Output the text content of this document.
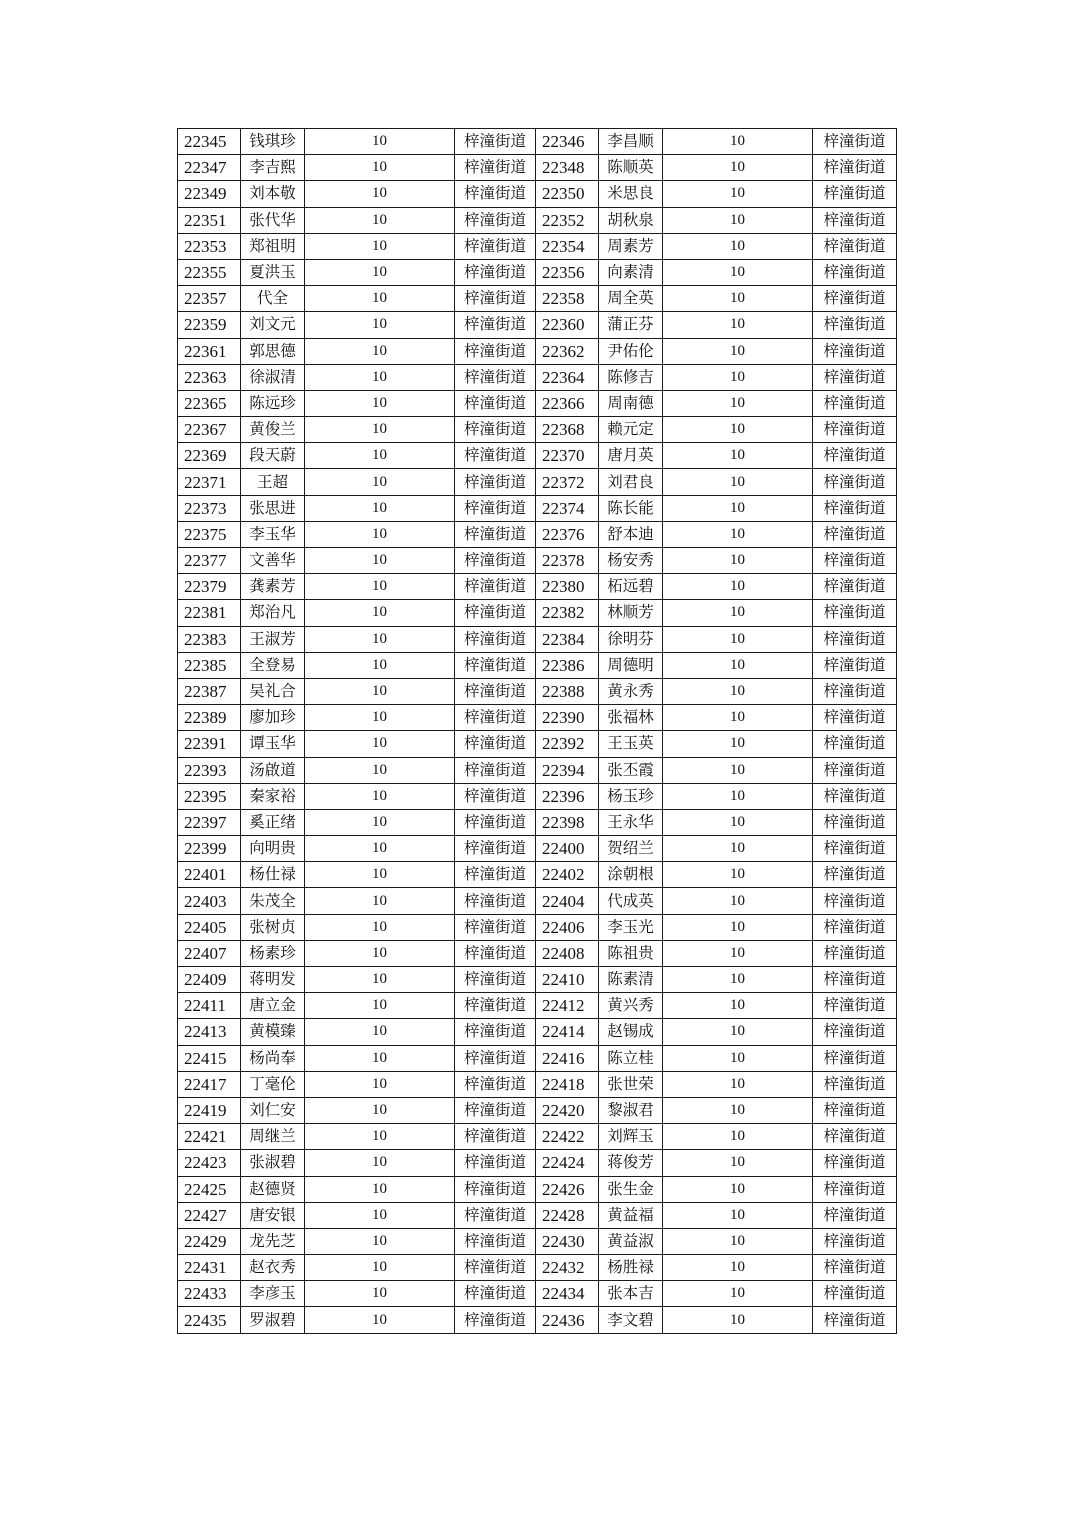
22345	钱琪珍	10	梓潼街道	22346	李昌顺	10	梓潼街道
22347	李吉熙	10	梓潼街道	22348	陈顺英	10	梓潼街道
22349	刘本敬	10	梓潼街道	22350	米思良	10	梓潼街道
22351	张代华	10	梓潼街道	22352	胡秋泉	10	梓潼街道
22353	郑祖明	10	梓潼街道	22354	周素芳	10	梓潼街道
22355	夏洪玉	10	梓潼街道	22356	向素清	10	梓潼街道
22357	代全	10	梓潼街道	22358	周全英	10	梓潼街道
22359	刘文元	10	梓潼街道	22360	蒲正芬	10	梓潼街道
22361	郭思德	10	梓潼街道	22362	尹佑伦	10	梓潼街道
22363	徐淑清	10	梓潼街道	22364	陈修吉	10	梓潼街道
22365	陈远珍	10	梓潼街道	22366	周南德	10	梓潼街道
22367	黄俊兰	10	梓潼街道	22368	赖元定	10	梓潼街道
22369	段天蔚	10	梓潼街道	22370	唐月英	10	梓潼街道
22371	王超	10	梓潼街道	22372	刘君良	10	梓潼街道
22373	张思进	10	梓潼街道	22374	陈长能	10	梓潼街道
22375	李玉华	10	梓潼街道	22376	舒本迪	10	梓潼街道
22377	文善华	10	梓潼街道	22378	杨安秀	10	梓潼街道
22379	龚素芳	10	梓潼街道	22380	柘远碧	10	梓潼街道
22381	郑治凡	10	梓潼街道	22382	林顺芳	10	梓潼街道
22383	王淑芳	10	梓潼街道	22384	徐明芬	10	梓潼街道
22385	全登易	10	梓潼街道	22386	周德明	10	梓潼街道
22387	吴礼合	10	梓潼街道	22388	黄永秀	10	梓潼街道
22389	廖加珍	10	梓潼街道	22390	张福林	10	梓潼街道
22391	谭玉华	10	梓潼街道	22392	王玉英	10	梓潼街道
22393	汤啟道	10	梓潼街道	22394	张丕霞	10	梓潼街道
22395	秦家裕	10	梓潼街道	22396	杨玉珍	10	梓潼街道
22397	奚正绪	10	梓潼街道	22398	王永华	10	梓潼街道
22399	向明贵	10	梓潼街道	22400	贺绍兰	10	梓潼街道
22401	杨仕禄	10	梓潼街道	22402	涂朝根	10	梓潼街道
22403	朱茂全	10	梓潼街道	22404	代成英	10	梓潼街道
22405	张树贞	10	梓潼街道	22406	李玉光	10	梓潼街道
22407	杨素珍	10	梓潼街道	22408	陈祖贵	10	梓潼街道
22409	蒋明发	10	梓潼街道	22410	陈素清	10	梓潼街道
22411	唐立金	10	梓潼街道	22412	黄兴秀	10	梓潼街道
22413	黄模臻	10	梓潼街道	22414	赵锡成	10	梓潼街道
22415	杨尚奉	10	梓潼街道	22416	陈立桂	10	梓潼街道
22417	丁毫伦	10	梓潼街道	22418	张世荣	10	梓潼街道
22419	刘仁安	10	梓潼街道	22420	黎淑君	10	梓潼街道
22421	周继兰	10	梓潼街道	22422	刘辉玉	10	梓潼街道
22423	张淑碧	10	梓潼街道	22424	蒋俊芳	10	梓潼街道
22425	赵德贤	10	梓潼街道	22426	张生金	10	梓潼街道
22427	唐安银	10	梓潼街道	22428	黄益福	10	梓潼街道
22429	龙先芝	10	梓潼街道	22430	黄益淑	10	梓潼街道
22431	赵衣秀	10	梓潼街道	22432	杨胜禄	10	梓潼街道
22433	李彦玉	10	梓潼街道	22434	张本吉	10	梓潼街道
22435	罗淑碧	10	梓潼街道	22436	李文碧	10	梓潼街道
